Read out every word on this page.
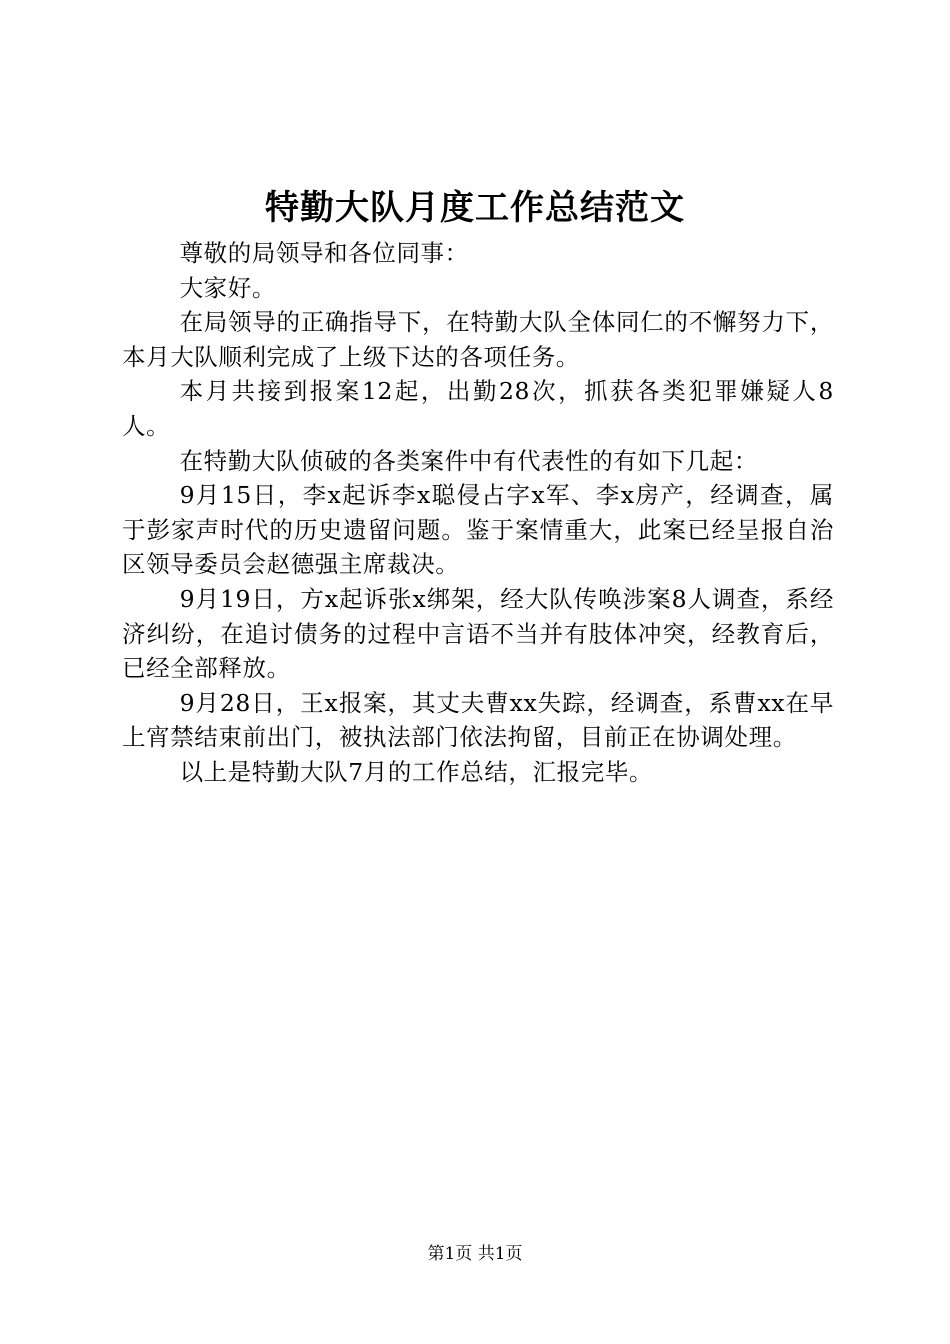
特勤大队月度工作总结范文

尊敬的局领导和各位同事：

大家好。

在局领导的正确指导下，在特勤大队全体同仁的不懈努力下，本月大队顺利完成了上级下达的各项任务。

本月共接到报案12起，出勤28次，抓获各类犯罪嫌疑人8人。

在特勤大队侦破的各类案件中有代表性的有如下几起：

9月15日，李x起诉李x聪侵占字x军、李x房产，经调查，属于彭家声时代的历史遗留问题。鉴于案情重大，此案已经呈报自治区领导委员会赵德强主席裁决。

9月19日，方x起诉张x绑架，经大队传唤涉案8人调查，系经济纠纷，在追讨债务的过程中言语不当并有肢体冲突，经教育后，已经全部释放。

9月28日，王x报案，其丈夫曹xx失踪，经调查，系曹xx在早上宵禁结束前出门，被执法部门依法拘留，目前正在协调处理。

以上是特勤大队7月的工作总结，汇报完毕。

第1页 共1页
